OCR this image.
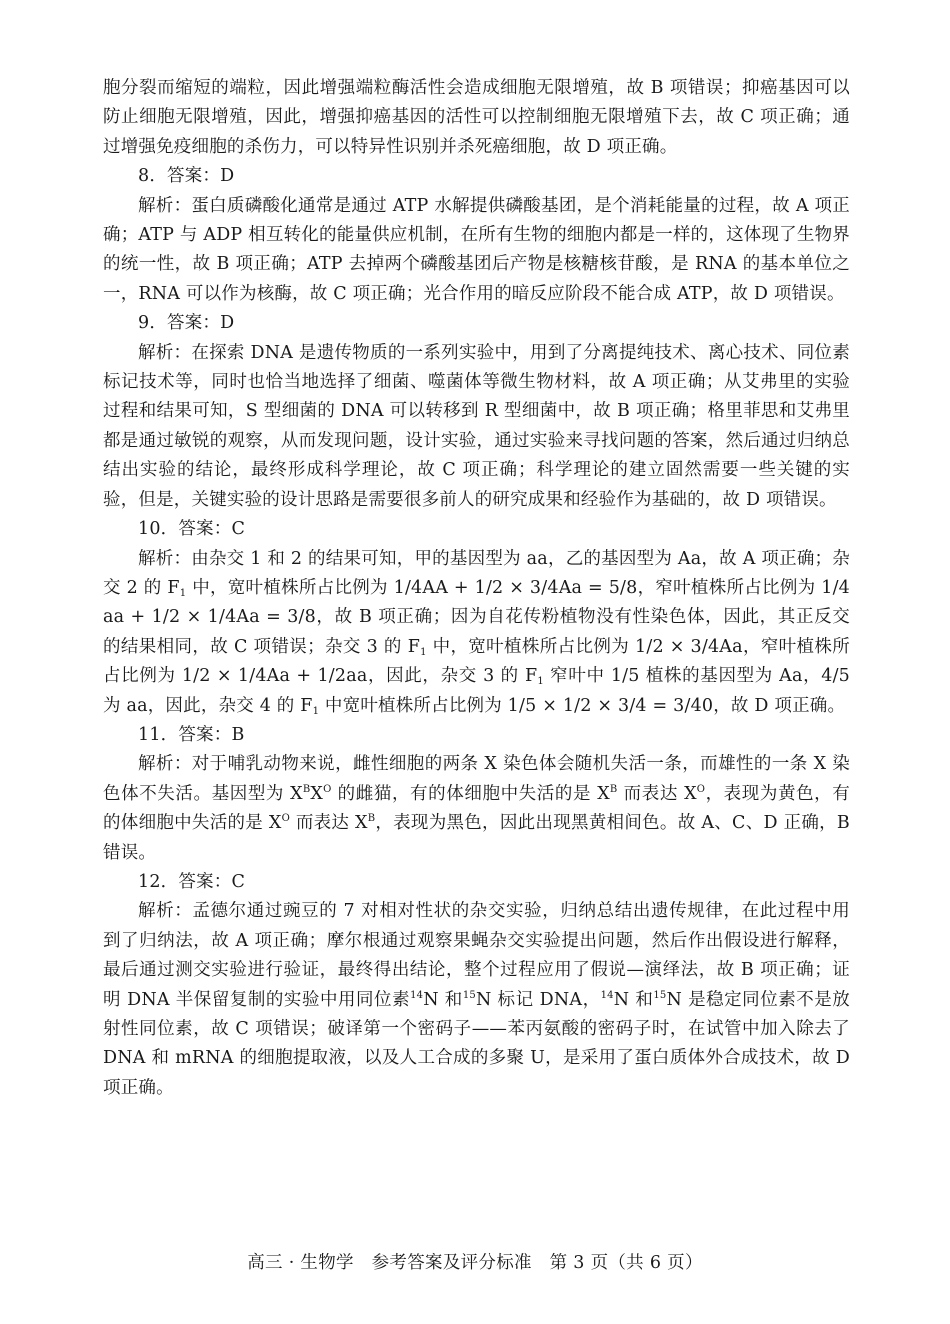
胞分裂而缩短的端粒，因此增强端粒酶活性会造成细胞无限增殖，故 B 项错误；抑癌基因可以防止细胞无限增殖，因此，增强抑癌基因的活性可以控制细胞无限增殖下去，故 C 项正确；通过增强免疫细胞的杀伤力，可以特异性识别并杀死癌细胞，故 D 项正确。

8．答案：D

解析：蛋白质磷酸化通常是通过 ATP 水解提供磷酸基团，是个消耗能量的过程，故 A 项正确；ATP 与 ADP 相互转化的能量供应机制，在所有生物的细胞内都是一样的，这体现了生物界的统一性，故 B 项正确；ATP 去掉两个磷酸基团后产物是核糖核苷酸，是 RNA 的基本单位之一，RNA 可以作为核酶，故 C 项正确；光合作用的暗反应阶段不能合成 ATP，故 D 项错误。

9．答案：D

解析：在探索 DNA 是遗传物质的一系列实验中，用到了分离提纯技术、离心技术、同位素标记技术等，同时也恰当地选择了细菌、噬菌体等微生物材料，故 A 项正确；从艾弗里的实验过程和结果可知，S 型细菌的 DNA 可以转移到 R 型细菌中，故 B 项正确；格里菲思和艾弗里都是通过敏锐的观察，从而发现问题，设计实验，通过实验来寻找问题的答案，然后通过归纳总结出实验的结论，最终形成科学理论，故 C 项正确；科学理论的建立固然需要一些关键的实验，但是，关键实验的设计思路是需要很多前人的研究成果和经验作为基础的，故 D 项错误。

10．答案：C

解析：由杂交 1 和 2 的结果可知，甲的基因型为 aa，乙的基因型为 Aa，故 A 项正确；杂交 2 的 $F_1$ 中，宽叶植株所占比例为 1/4AA + 1/2 × 3/4Aa = 5/8，窄叶植株所占比例为 1/4aa + 1/2 × 1/4Aa = 3/8，故 B 项正确；因为自花传粉植物没有性染色体，因此，其正反交的结果相同，故 C 项错误；杂交 3 的 $F_1$ 中，宽叶植株所占比例为 1/2 × 3/4Aa，窄叶植株所占比例为 1/2 × 1/4Aa + 1/2aa，因此，杂交 3 的 $F_1$ 窄叶中 1/5 植株的基因型为 Aa，4/5 为 aa，因此，杂交 4 的 $F_1$ 中宽叶植株所占比例为 1/5 × 1/2 × 3/4 = 3/40，故 D 项正确。

11．答案：B

解析：对于哺乳动物来说，雌性细胞的两条 X 染色体会随机失活一条，而雄性的一条 X 染色体不失活。基因型为 $X^BX^O$ 的雌猫，有的体细胞中失活的是 $X^B$ 而表达 $X^O$，表现为黄色，有的体细胞中失活的是 $X^O$ 而表达 $X^B$，表现为黑色，因此出现黑黄相间色。故 A、C、D 正确，B 错误。

12．答案：C

解析：孟德尔通过豌豆的 7 对相对性状的杂交实验，归纳总结出遗传规律，在此过程中用到了归纳法，故 A 项正确；摩尔根通过观察果蝇杂交实验提出问题，然后作出假设进行解释，最后通过测交实验进行验证，最终得出结论，整个过程应用了假说—演绎法，故 B 项正确；证明 DNA 半保留复制的实验中用同位素$^{14}$N 和$^{15}$N 标记 DNA，$^{14}$N 和$^{15}$N 是稳定同位素不是放射性同位素，故 C 项错误；破译第一个密码子——苯丙氨酸的密码子时，在试管中加入除去了 DNA 和 mRNA 的细胞提取液，以及人工合成的多聚 U，是采用了蛋白质体外合成技术，故 D 项正确。

高三 · 生物学　参考答案及评分标准　第 3 页（共 6 页）
